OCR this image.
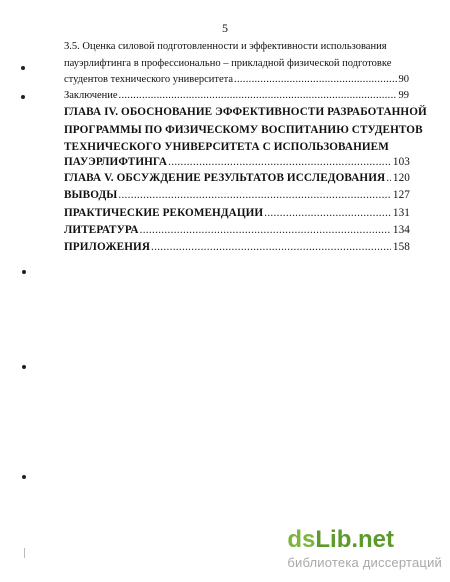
5
3.5. Оценка силовой подготовленности и эффективности использования
пауэрлифтинга в профессионально – прикладной физической подготовке
студентов технического университета .....	90
Заключение .....	99
ГЛАВА IV. ОБОСНОВАНИЕ ЭФФЕКТИВНОСТИ РАЗРАБОТАННОЙ
ПРОГРАММЫ ПО ФИЗИЧЕСКОМУ ВОСПИТАНИЮ СТУДЕНТОВ
ТЕХНИЧЕСКОГО УНИВЕРСИТЕТА С ИСПОЛЬЗОВАНИЕМ
ПАУЭРЛИФТИНГА .....	103
ГЛАВА V. ОБСУЖДЕНИЕ РЕЗУЛЬТАТОВ ИССЛЕДОВАНИЯ ..... 120
ВЫВОДЫ .....	127
ПРАКТИЧЕСКИЕ РЕКОМЕНДАЦИИ .....	131
ЛИТЕРАТУРА .....	134
ПРИЛОЖЕНИЯ .....	158
dsLib.net
библиотека диссертаций
